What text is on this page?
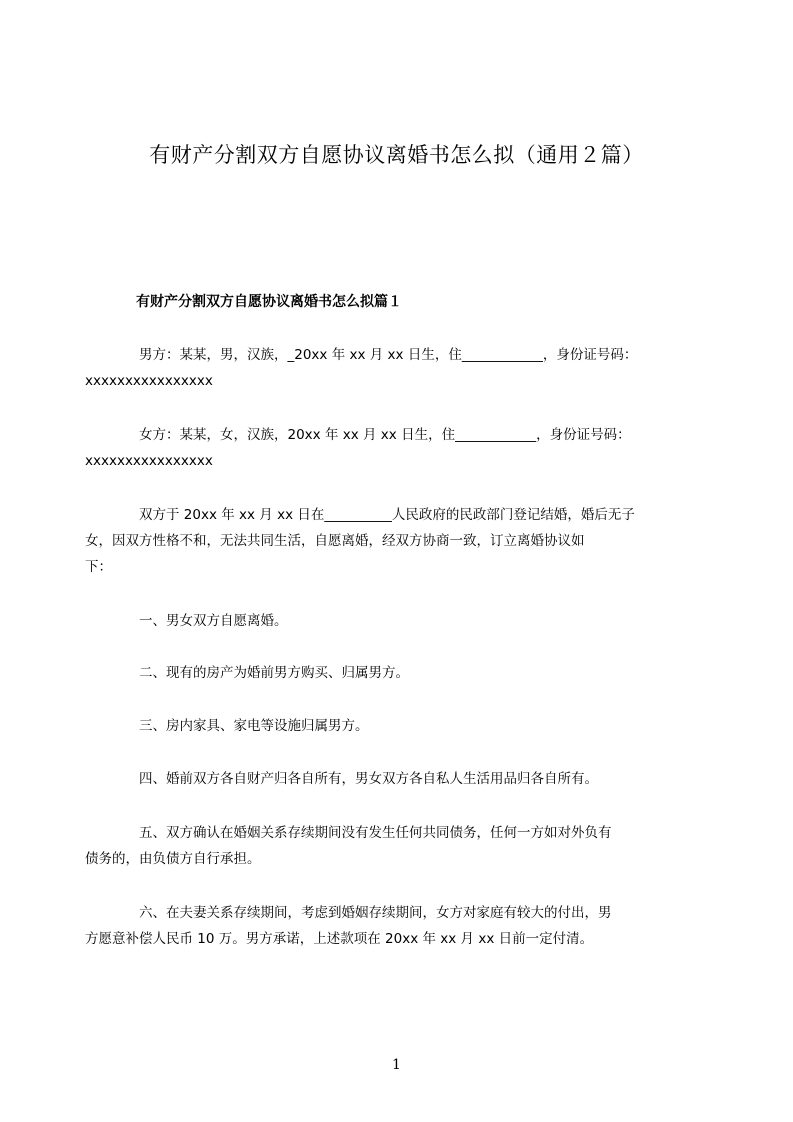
有财产分割双方自愿协议离婚书怎么拟（通用２篇）
有财产分割双方自愿协议离婚书怎么拟篇１

男方：某某，男，汉族，_20xx 年 xx 月 xx 日生，住____________，身份证号码：
xxxxxxxxxxxxxxxx

女方：某某，女，汉族，20xx 年 xx 月 xx 日生，住____________，身份证号码：
xxxxxxxxxxxxxxxx

双方于 20xx 年 xx 月 xx 日在__________人民政府的民政部门登记结婚，婚后无子
女，因双方性格不和，无法共同生活，自愿离婚，经双方协商一致，订立离婚协议如
下：

一、男女双方自愿离婚。

二、现有的房产为婚前男方购买、归属男方。

三、房内家具、家电等设施归属男方。

四、婚前双方各自财产归各自所有，男女双方各自私人生活用品归各自所有。

五、双方确认在婚姻关系存续期间没有发生任何共同债务，任何一方如对外负有
债务的，由负债方自行承担。

六、在夫妻关系存续期间，考虑到婚姻存续期间，女方对家庭有较大的付出，男
方愿意补偿人民币 10 万。男方承诺，上述款项在 20xx 年 xx 月 xx 日前一定付清。

1
